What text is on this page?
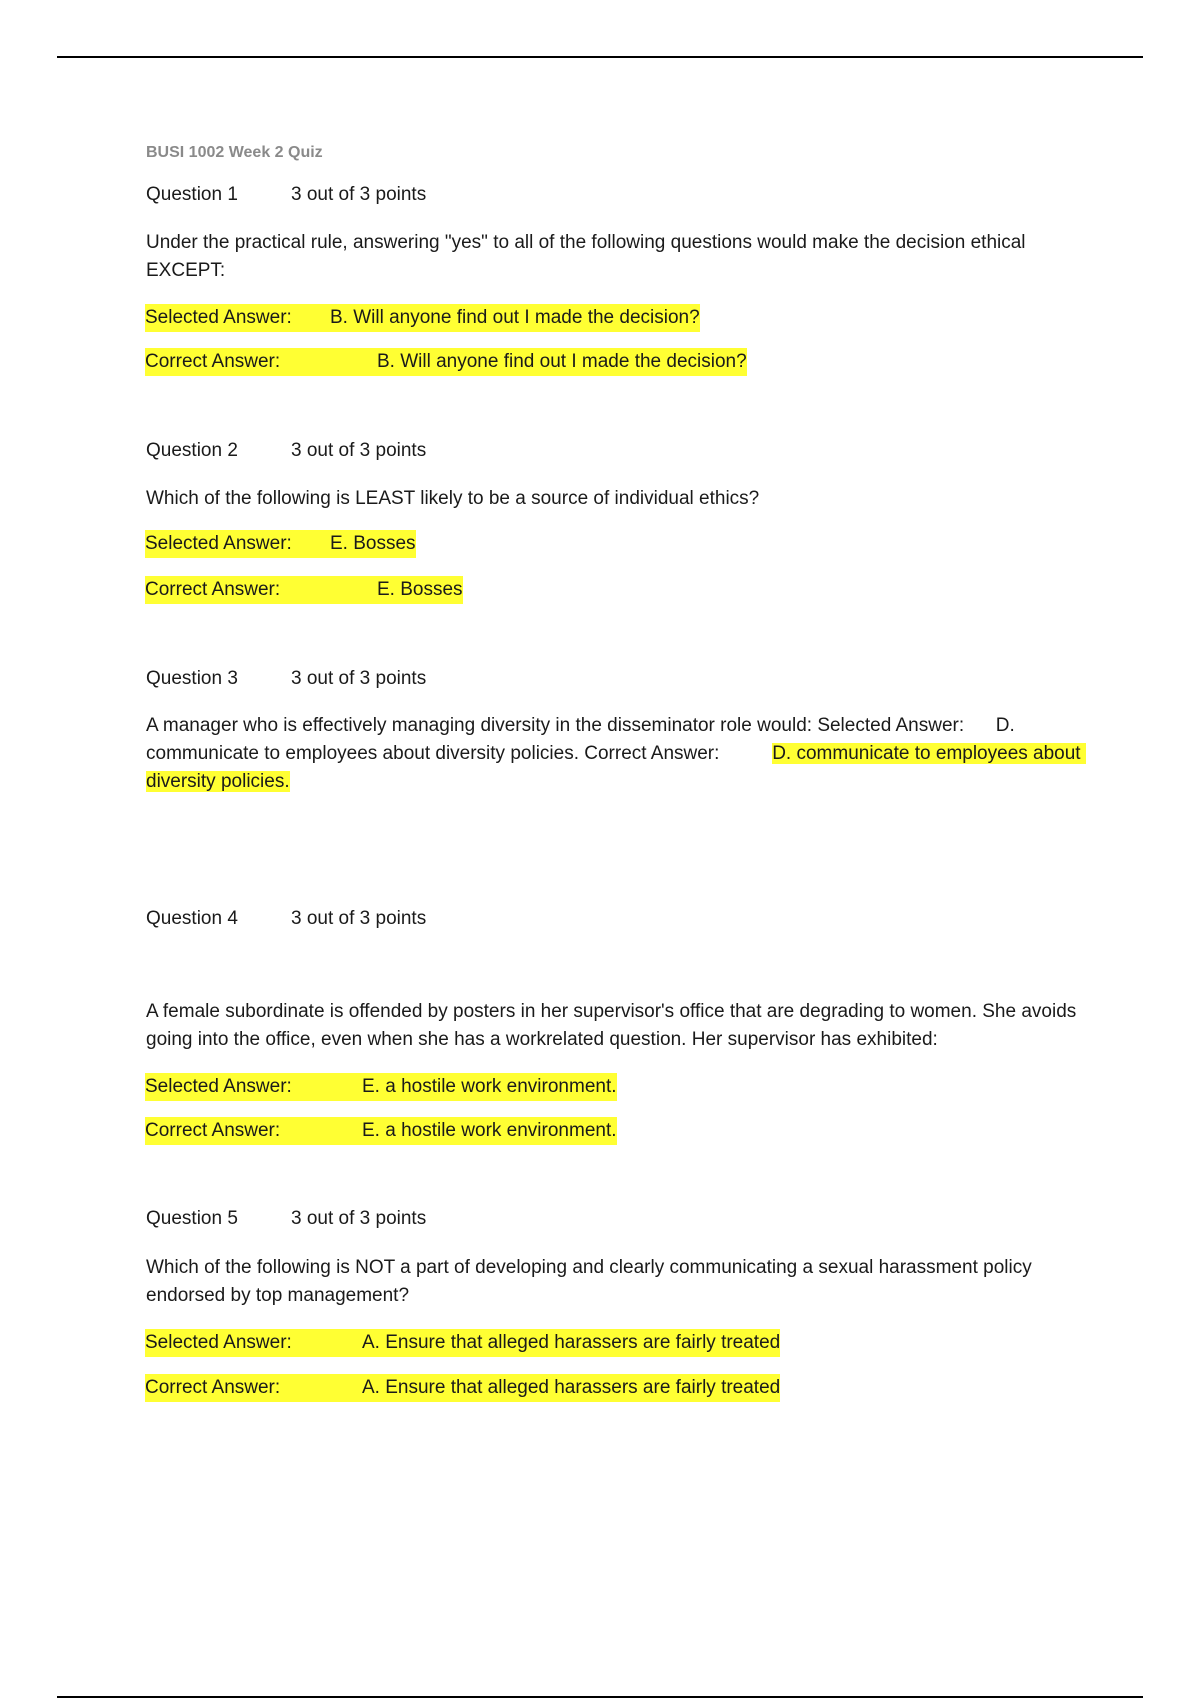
BUSI 1002 Week 2 Quiz
Question 1	3 out of 3 points
Under the practical rule, answering "yes" to all of the following questions would make the decision ethical EXCEPT:
Selected Answer: B. Will anyone find out I made the decision?
Correct Answer:	B. Will anyone find out I made the decision?
Question 2	3 out of 3 points
Which of the following is LEAST likely to be a source of individual ethics?
Selected Answer: E. Bosses
Correct Answer:	E. Bosses
Question 3	3 out of 3 points
A manager who is effectively managing diversity in the disseminator role would: Selected Answer:      D. communicate to employees about diversity policies. Correct Answer:          D. communicate to employees about diversity policies.
Question 4	3 out of 3 points
A female subordinate is offended by posters in her supervisor's office that are degrading to women. She avoids going into the office, even when she has a workrelated question. Her supervisor has exhibited:
Selected Answer:	E. a hostile work environment.
Correct Answer:	E. a hostile work environment.
Question 5	3 out of 3 points
Which of the following is NOT a part of developing and clearly communicating a sexual harassment policy endorsed by top management?
Selected Answer:	A. Ensure that alleged harassers are fairly treated
Correct Answer:	A. Ensure that alleged harassers are fairly treated
